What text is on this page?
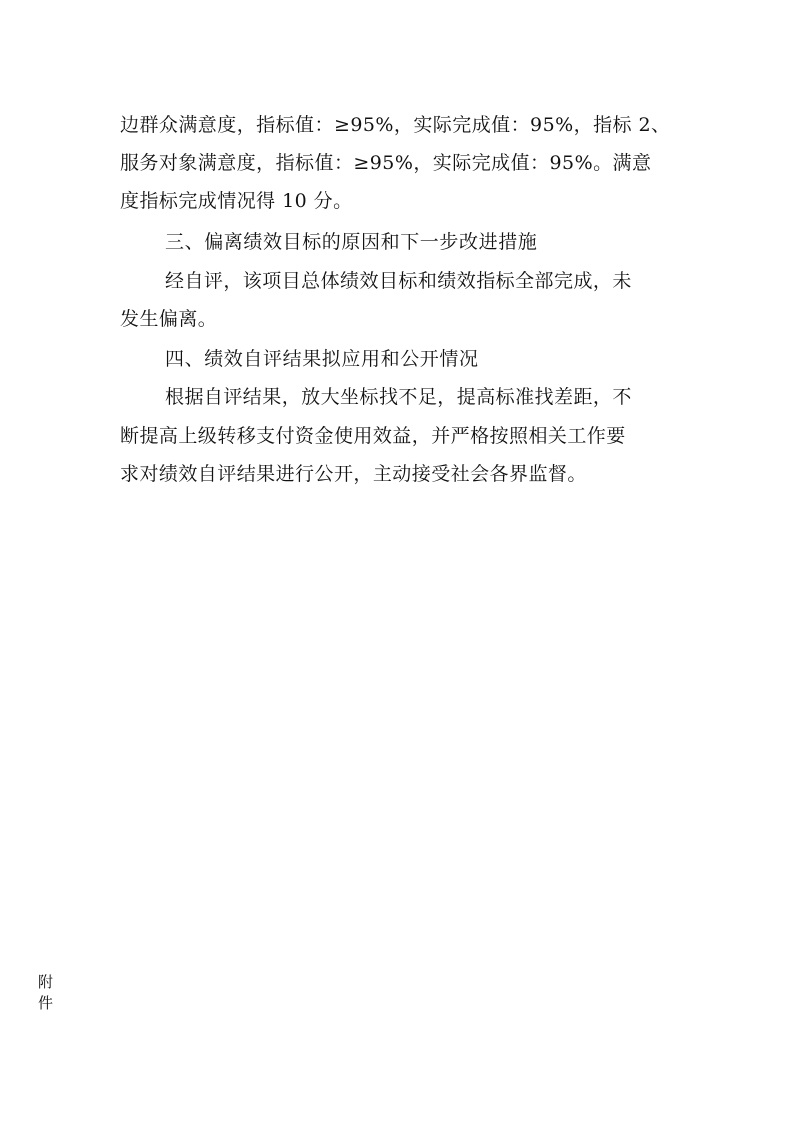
边群众满意度，指标值：≥95%，实际完成值：95%，指标 2、
服务对象满意度，指标值：≥95%，实际完成值：95%。满意
度指标完成情况得 10 分。
三、偏离绩效目标的原因和下一步改进措施
经自评，该项目总体绩效目标和绩效指标全部完成，未
发生偏离。
四、绩效自评结果拟应用和公开情况
根据自评结果，放大坐标找不足，提高标准找差距，不
断提高上级转移支付资金使用效益，并严格按照相关工作要
求对绩效自评结果进行公开，主动接受社会各界监督。
附件
